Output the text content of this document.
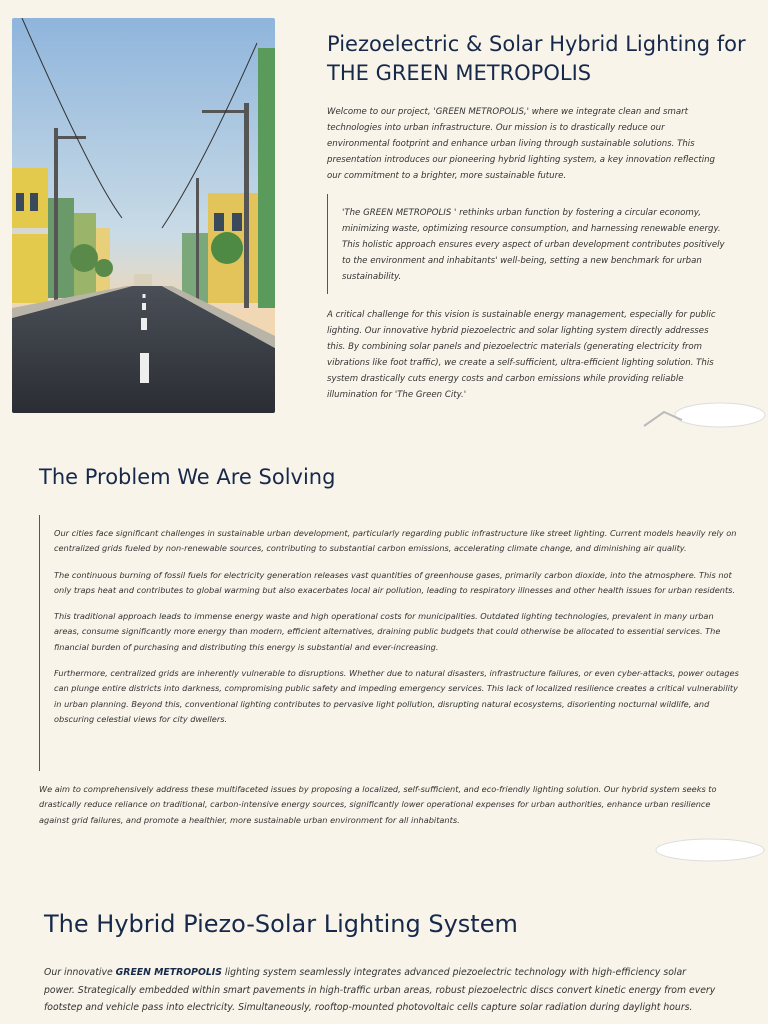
Piezoelectric & Solar Hybrid Lighting for THE GREEN METROPOLIS

Welcome to our project, 'GREEN METROPOLIS,' where we integrate clean and smart technologies into urban infrastructure. Our mission is to drastically reduce our environmental footprint and enhance urban living through sustainable solutions. This presentation introduces our pioneering hybrid lighting system, a key innovation reflecting our commitment to a brighter, more sustainable future.

'The GREEN METROPOLIS ' rethinks urban function by fostering a circular economy, minimizing waste, optimizing resource consumption, and harnessing renewable energy. This holistic approach ensures every aspect of urban development contributes positively to the environment and inhabitants' well-being, setting a new benchmark for urban sustainability.

A critical challenge for this vision is sustainable energy management, especially for public lighting. Our innovative hybrid piezoelectric and solar lighting system directly addresses this. By combining solar panels and piezoelectric materials (generating electricity from vibrations like foot traffic), we create a self-sufficient, ultra-efficient lighting solution. This system drastically cuts energy costs and carbon emissions while providing reliable illumination for 'The Green City.'

The Problem We Are Solving

Our cities face significant challenges in sustainable urban development, particularly regarding public infrastructure like street lighting. Current models heavily rely on centralized grids fueled by non-renewable sources, contributing to substantial carbon emissions, accelerating climate change, and diminishing air quality.

The continuous burning of fossil fuels for electricity generation releases vast quantities of greenhouse gases, primarily carbon dioxide, into the atmosphere. This not only traps heat and contributes to global warming but also exacerbates local air pollution, leading to respiratory illnesses and other health issues for urban residents.

This traditional approach leads to immense energy waste and high operational costs for municipalities. Outdated lighting technologies, prevalent in many urban areas, consume significantly more energy than modern, efficient alternatives, draining public budgets that could otherwise be allocated to essential services. The financial burden of purchasing and distributing this energy is substantial and ever-increasing.

Furthermore, centralized grids are inherently vulnerable to disruptions. Whether due to natural disasters, infrastructure failures, or even cyber-attacks, power outages can plunge entire districts into darkness, compromising public safety and impeding emergency services. This lack of localized resilience creates a critical vulnerability in urban planning. Beyond this, conventional lighting contributes to pervasive light pollution, disrupting natural ecosystems, disorienting nocturnal wildlife, and obscuring celestial views for city dwellers.

We aim to comprehensively address these multifaceted issues by proposing a localized, self-sufficient, and eco-friendly lighting solution. Our hybrid system seeks to drastically reduce reliance on traditional, carbon-intensive energy sources, significantly lower operational expenses for urban authorities, enhance urban resilience against grid failures, and promote a healthier, more sustainable urban environment for all inhabitants.

The Hybrid Piezo-Solar Lighting System

Our innovative GREEN METROPOLIS lighting system seamlessly integrates advanced piezoelectric technology with high-efficiency solar power. Strategically embedded within smart pavements in high-traffic urban areas, robust piezoelectric discs convert kinetic energy from every footstep and vehicle pass into electricity. Simultaneously, rooftop-mounted photovoltaic cells capture solar radiation during daylight hours.
